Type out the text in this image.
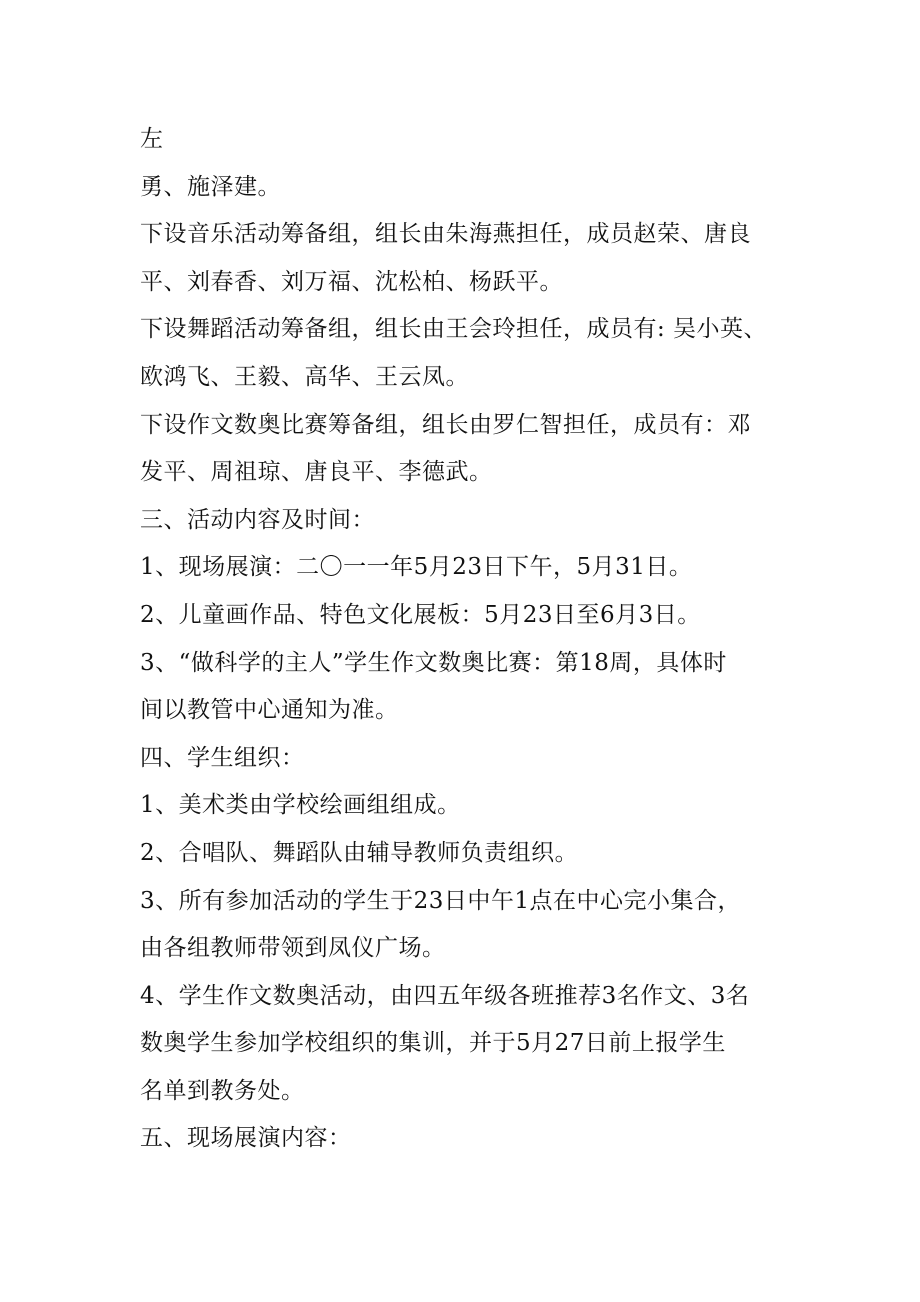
左
勇、施泽建。
下设音乐活动筹备组，组长由朱海燕担任，成员赵荣、唐良
平、刘春香、刘万福、沈松柏、杨跃平。
下设舞蹈活动筹备组，组长由王会玲担任，成员有: 吴小英、
欧鸿飞、王毅、高华、王云凤。
下设作文数奥比赛筹备组，组长由罗仁智担任，成员有：邓
发平、周祖琼、唐良平、李德武。
三、活动内容及时间：
1、现场展演：二〇一一年5月23日下午，5月31日。
2、儿童画作品、特色文化展板：5月23日至6月3日。
3、“做科学的主人”学生作文数奥比赛：第18周，具体时
间以教管中心通知为准。
四、学生组织：
1、美术类由学校绘画组组成。
2、合唱队、舞蹈队由辅导教师负责组织。
3、所有参加活动的学生于23日中午1点在中心完小集合，
由各组教师带领到凤仪广场。
4、学生作文数奥活动，由四五年级各班推荐3名作文、3名
数奥学生参加学校组织的集训，并于5月27日前上报学生
名单到教务处。
五、现场展演内容：
